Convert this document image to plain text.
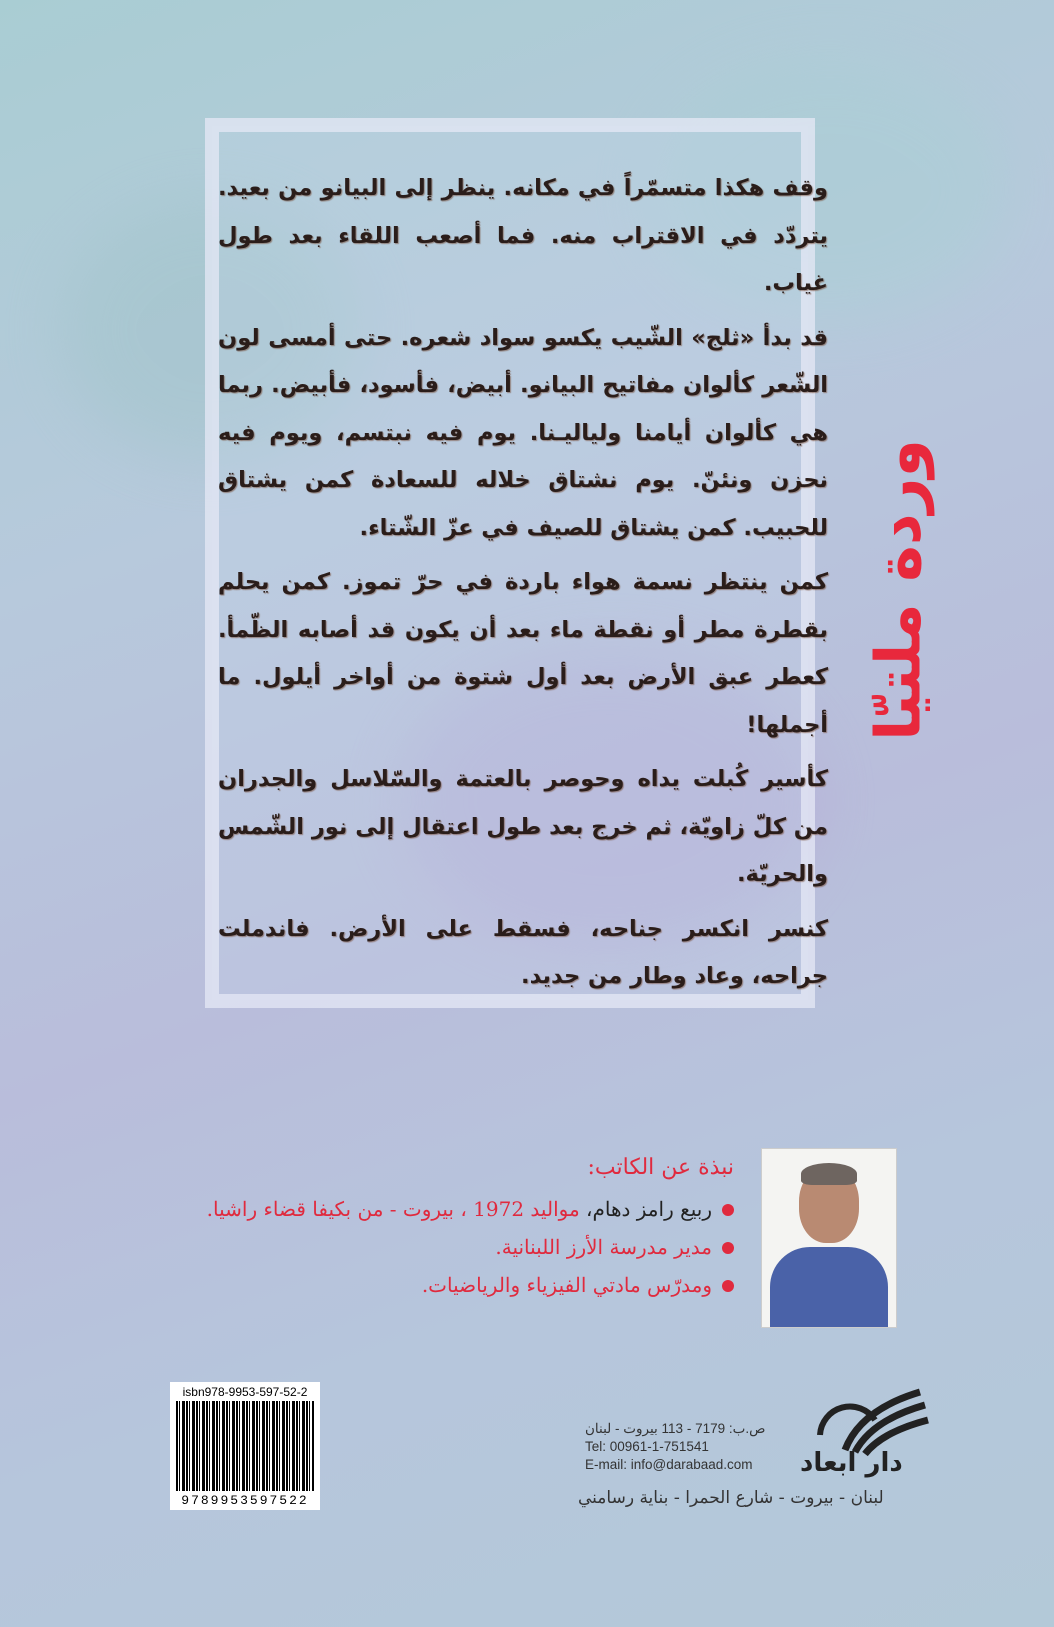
وقف هكذا متسمّراً في مكانه. ينظر إلى البيانو من بعيد. يتردّد في الاقتراب منه. فما أصعب اللقاء بعد طول غياب.

قد بدأ «ثلج» الشّيب يكسو سواد شعره. حتى أمسى لون الشّعر كألوان مفاتيح البيانو. أبيض، فأسود، فأبيض. ربما هي كألوان أيامنا ولياليـنا. يوم فيه نبتسم، ويوم فيه نحزن ونئنّ. يوم نشتاق خلاله للسعادة كمن يشتاق للحبيب. كمن يشتاق للصيف في عزّ الشّتاء.

كمن ينتظر نسمة هواء باردة في حرّ تموز. كمن يحلم بقطرة مطر أو نقطة ماء بعد أن يكون قد أصابه الظّمأ. كعطر عبق الأرض بعد أول شتوة من أواخر أيلول. ما أجملها!

كأسير كُبلت يداه وحوصر بالعتمة والسّلاسل والجدران من كلّ زاويّة، ثم خرج بعد طول اعتقال إلى نور الشّمس والحريّة.

كنسر انكسر جناحه، فسقط على الأرض. فاندملت جراحه، وعاد وطار من جديد.

وردة ملتيّا
نبذة عن الكاتب:
ربيع رامز دهام، مواليد 1972 ، بيروت - من بكيفا قضاء راشيا.
مدير مدرسة الأرز اللبنانية.
ومدرّس مادتي الفيزياء والرياضيات.
isbn978-9953-597-52-2
9789953597522
ص.ب: 7179 - 113 بيروت - لبنان
Tel: 00961-1-751541
E-mail: info@darabaad.com	دار ابعاد
لبنان - بيروت - شارع الحمرا - بناية رسامني
